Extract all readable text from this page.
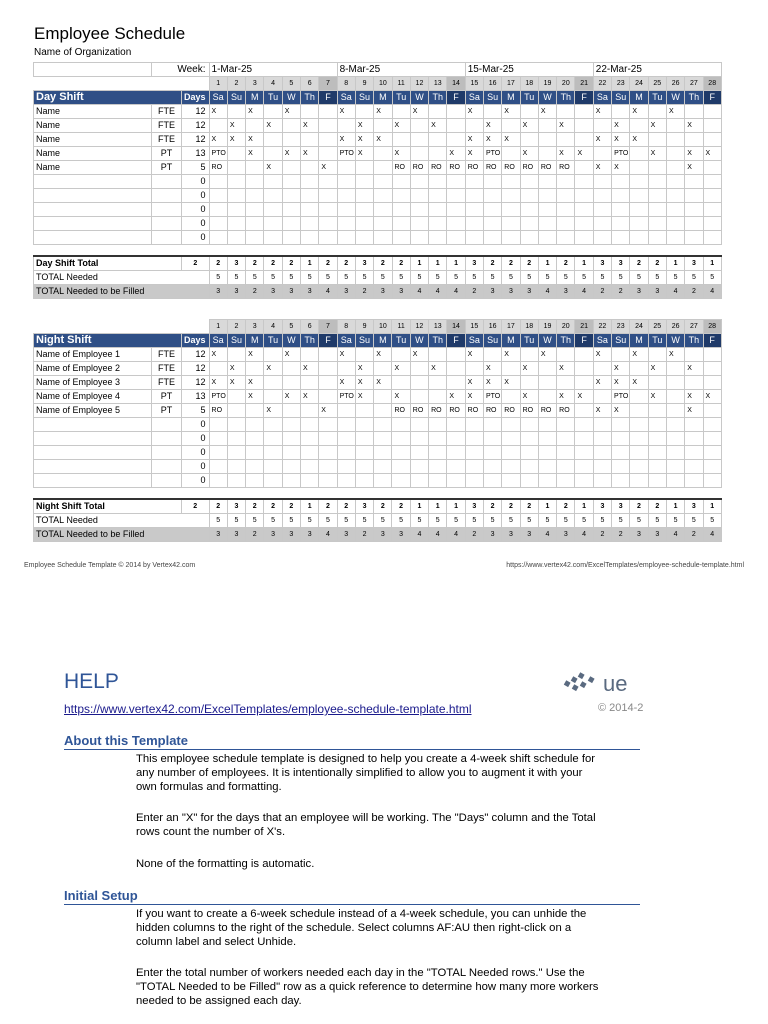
Employee Schedule
Name of Organization
	Week:		1-Mar-25							8-Mar-25							15-Mar-25							22-Mar-25						
			1	2	3	4	5	6	7	8	9	10	11	12	13	14	15	16	17	18	19	20	21	22	23	24	25	26	27	28
Day Shift		Days	Sa	Su	M	Tu	W	Th	F	Sa	Su	M	Tu	W	Th	F	Sa	Su	M	Tu	W	Th	F	Sa	Su	M	Tu	W	Th	F
Name	FTE	12	X		X		X			X		X		X			X		X		X			X		X		X		
Name	FTE	12		X		X		X			X		X		X			X		X		X			X		X		X	
Name	FTE	12	X	X	X					X	X	X					X	X	X					X	X	X				
Name	PT	13	PTO		X		X	X		PTO	X		X			X	X	PTO		X		X	X		PTO		X		X	X
Name	PT	5	RO			X			X				RO	RO	RO	RO	RO	RO	RO	RO	RO	RO		X	X				X	
		0																												
		0																												
		0																												
		0																												
		0																												

Day Shift Total		2	2	3	2	2	2	1	2	2	3	2	2	1	1	1	3	2	2	2	1	2	1	3	3	2	2	1	3	1
TOTAL Needed			5	5	5	5	5	5	5	5	5	5	5	5	5	5	5	5	5	5	5	5	5	5	5	5	5	5	5	5
TOTAL Needed to be Filled			3	3	2	3	3	3	4	3	2	3	3	4	4	4	2	3	3	3	4	3	4	2	2	3	3	4	2	4
			1	2	3	4	5	6	7	8	9	10	11	12	13	14	15	16	17	18	19	20	21	22	23	24	25	26	27	28
Night Shift		Days	Sa	Su	M	Tu	W	Th	F	Sa	Su	M	Tu	W	Th	F	Sa	Su	M	Tu	W	Th	F	Sa	Su	M	Tu	W	Th	F
Name of Employee 1	FTE	12	X		X		X			X		X		X			X		X		X			X		X		X		
Name of Employee 2	FTE	12		X		X		X			X		X		X			X		X		X			X		X		X	
Name of Employee 3	FTE	12	X	X	X					X	X	X					X	X	X					X	X	X				
Name of Employee 4	PT	13	PTO		X		X	X		PTO	X		X			X	X	PTO		X		X	X		PTO		X		X	X
Name of Employee 5	PT	5	RO			X			X				RO	RO	RO	RO	RO	RO	RO	RO	RO	RO		X	X				X	
		0																												
		0																												
		0																												
		0																												
		0																												

Night Shift Total		2	2	3	2	2	2	1	2	2	3	2	2	1	1	1	3	2	2	2	1	2	1	3	3	2	2	1	3	1
TOTAL Needed			5	5	5	5	5	5	5	5	5	5	5	5	5	5	5	5	5	5	5	5	5	5	5	5	5	5	5	5
TOTAL Needed to be Filled			3	3	2	3	3	3	4	3	2	3	3	4	4	4	2	3	3	3	4	3	4	2	2	3	3	4	2	4
Employee Schedule Template © 2014 by Vertex42.com	https://www.vertex42.com/ExcelTemplates/employee-schedule-template.html
HELP
https://www.vertex42.com/ExcelTemplates/employee-schedule-template.html
ue
© 2014-2
About this Template
This employee schedule template is designed to help you create a 4-week shift schedule for any number of employees. It is intentionally simplified to allow you to augment it with your own formulas and formatting.
Enter an "X" for the days that an employee will be working. The "Days" column and the Total rows count the number of X's.
None of the formatting is automatic.
Initial Setup
If you want to create a 6-week schedule instead of a 4-week schedule, you can unhide the hidden columns to the right of the schedule. Select columns AF:AU then right-click on a column label and select Unhide.
Enter the total number of workers needed each day in the "TOTAL Needed rows." Use the "TOTAL Needed to be Filled" row as a quick reference to determine how many more workers needed to be assigned each day.
